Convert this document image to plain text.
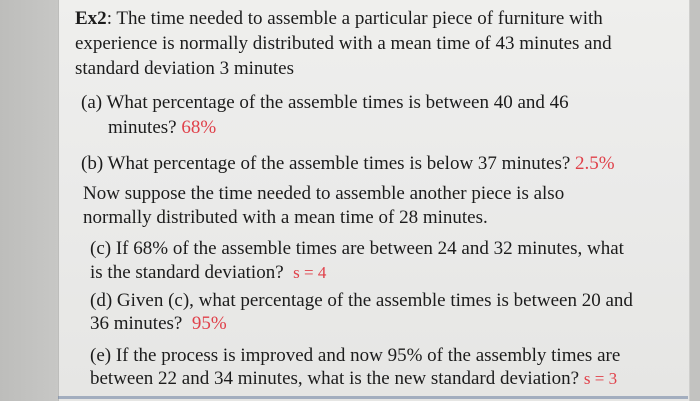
Ex2: The time needed to assemble a particular piece of furniture with
experience is normally distributed with a mean time of 43 minutes and
standard deviation 3 minutes
(a) What percentage of the assemble times is between 40 and 46
minutes? 68%
(b) What percentage of the assemble times is below 37 minutes? 2.5%
Now suppose the time needed to assemble another piece is also
normally distributed with a mean time of 28 minutes.
(c) If 68% of the assemble times are between 24 and 32 minutes, what
is the standard deviation? s = 4
(d) Given (c), what percentage of the assemble times is between 20 and
36 minutes? 95%
(e) If the process is improved and now 95% of the assembly times are
between 22 and 34 minutes, what is the new standard deviation? s = 3
